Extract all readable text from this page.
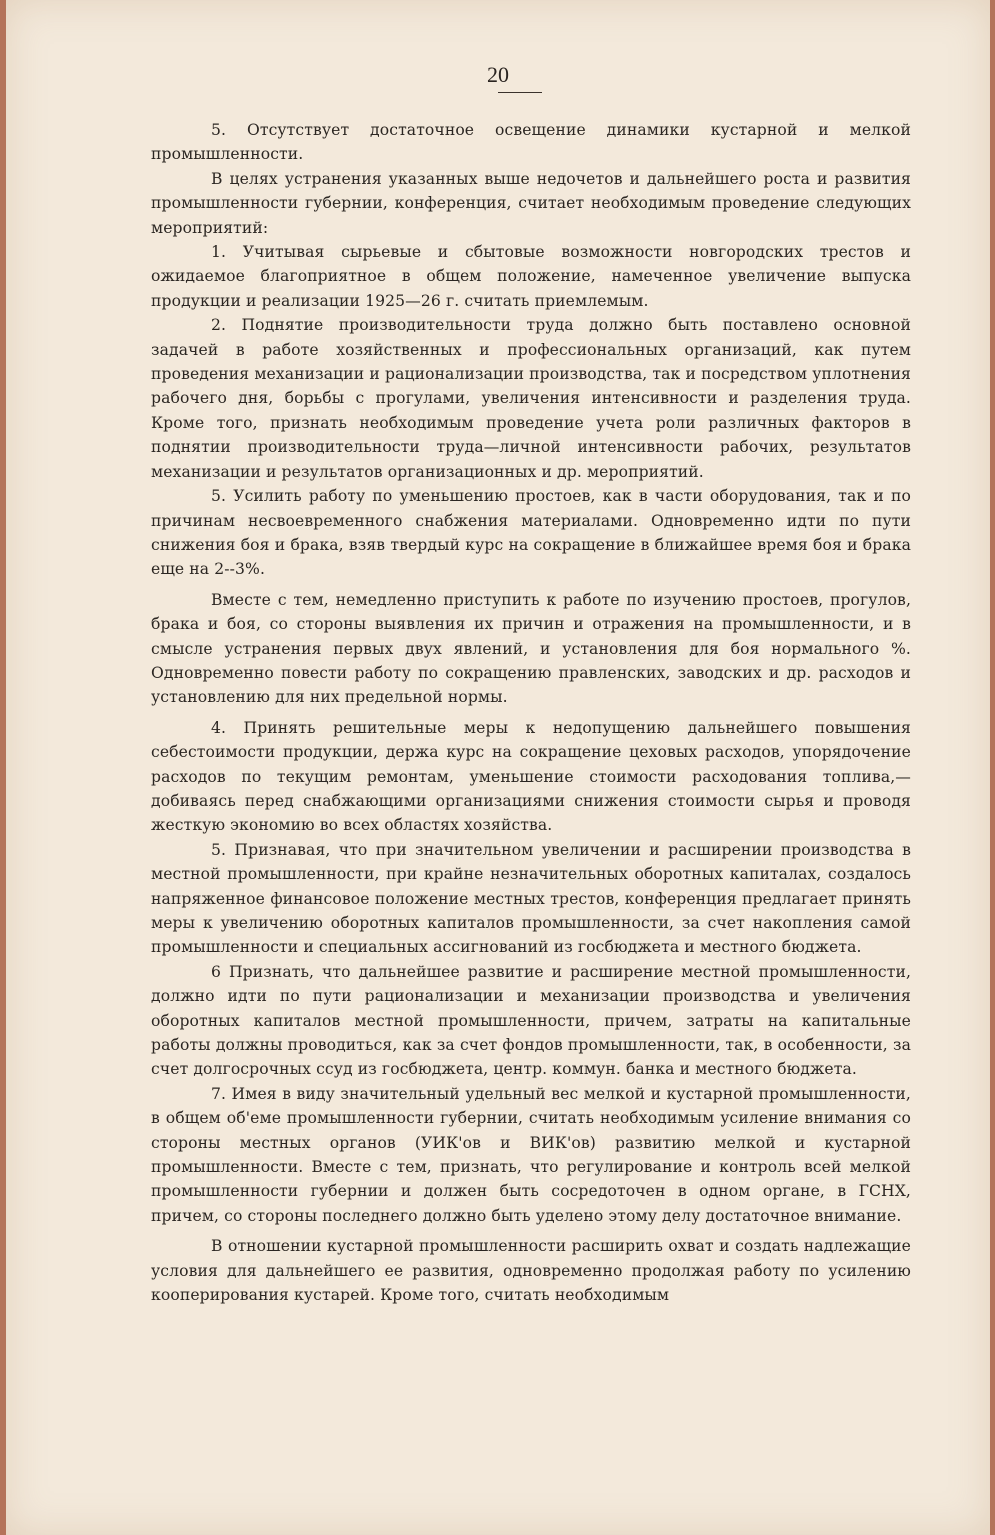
20

5. Отсутствует достаточное освещение динамики кустарной и мелкой промышленности.

В целях устранения указанных выше недочетов и дальнейшего роста и развития промышленности губернии, конференция, считает необходимым проведение следующих мероприятий:

1. Учитывая сырьевые и сбытовые возможности новгородских трестов и ожидаемое благоприятное в общем положение, намеченное увеличение выпуска продукции и реализации 1925—26 г. считать приемлемым.

2. Поднятие производительности труда должно быть поставлено основной задачей в работе хозяйственных и профессиональных организаций, как путем проведения механизации и рационализации производства, так и посредством уплотнения рабочего дня, борьбы с прогулами, увеличения интенсивности и разделения труда. Кроме того, признать необходимым проведение учета роли различных факторов в поднятии производительности труда—личной интенсивности рабочих, результатов механизации и результатов организационных и др. мероприятий.

5. Усилить работу по уменьшению простоев, как в части оборудования, так и по причинам несвоевременного снабжения материалами. Одновременно идти по пути снижения боя и брака, взяв твердый курс на сокращение в ближайшее время боя и брака еще на 2--3%.

Вместе с тем, немедленно приступить к работе по изучению простоев, прогулов, брака и боя, со стороны выявления их причин и отражения на промышленности, и в смысле устранения первых двух явлений, и установления для боя нормального %. Одновременно повести работу по сокращению правленских, заводских и др. расходов и установлению для них предельной нормы.

4. Принять решительные меры к недопущению дальнейшего повышения себестоимости продукции, держа курс на сокращение цеховых расходов, упорядочение расходов по текущим ремонтам, уменьшение стоимости расходования топлива,—добиваясь перед снабжающими организациями снижения стоимости сырья и проводя жесткую экономию во всех областях хозяйства.

5. Признавая, что при значительном увеличении и расширении производства в местной промышленности, при крайне незначительных оборотных капиталах, создалось напряженное финансовое положение местных трестов, конференция предлагает принять меры к увеличению оборотных капиталов промышленности, за счет накопления самой промышленности и специальных ассигнований из госбюджета и местного бюджета.

6 Признать, что дальнейшее развитие и расширение местной промышленности, должно идти по пути рационализации и механизации производства и увеличения оборотных капиталов местной промышленности, причем, затраты на капитальные работы должны проводиться, как за счет фондов промышленности, так, в особенности, за счет долгосрочных ссуд из госбюджета, центр. коммун. банка и местного бюджета.

7. Имея в виду значительный удельный вес мелкой и кустарной промышленности, в общем об'еме промышленности губернии, считать необходимым усиление внимания со стороны местных органов (УИК'ов и ВИК'ов) развитию мелкой и кустарной промышленности. Вместе с тем, признать, что регулирование и контроль всей мелкой промышленности губернии и должен быть сосредоточен в одном органе, в ГСНХ, причем, со стороны последнего должно быть уделено этому делу достаточное внимание.

В отношении кустарной промышленности расширить охват и создать надлежащие условия для дальнейшего ее развития, одновременно продолжая работу по усилению кооперирования кустарей. Кроме того, считать необходимым
